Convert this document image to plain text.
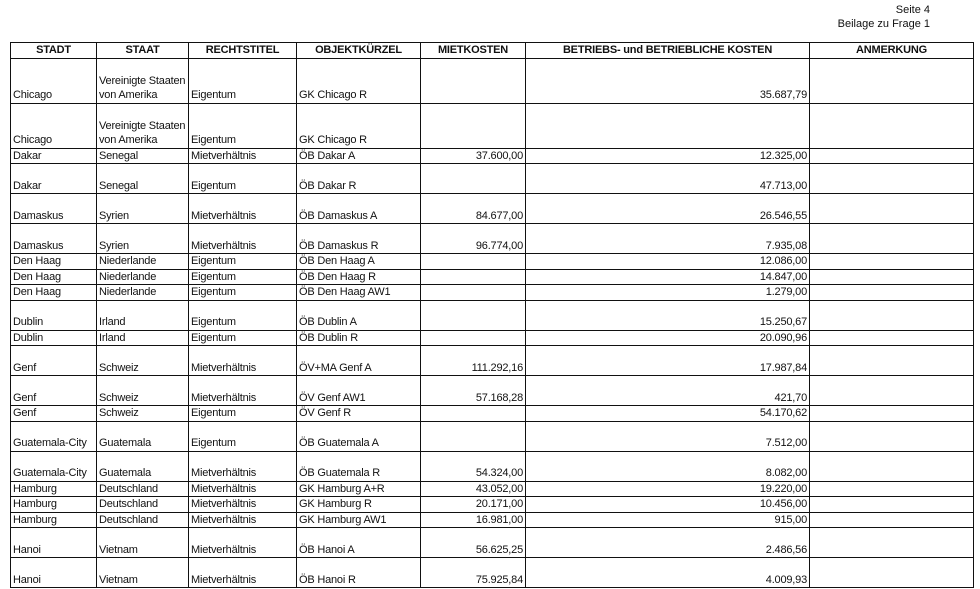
Seite 4
Beilage zu Frage 1
STADT	STAAT	RECHTSTITEL	OBJEKTKÜRZEL	MIETKOSTEN	BETRIEBS- und BETRIEBLICHE KOSTEN	ANMERKUNG
Chicago	Vereinigte Staaten von Amerika	Eigentum	GK Chicago R		35.687,79	
Chicago	Vereinigte Staaten von Amerika	Eigentum	GK Chicago R			
Dakar	Senegal	Mietverhältnis	ÖB Dakar A	37.600,00	12.325,00	
Dakar	Senegal	Eigentum	ÖB Dakar R		47.713,00	
Damaskus	Syrien	Mietverhältnis	ÖB Damaskus A	84.677,00	26.546,55	
Damaskus	Syrien	Mietverhältnis	ÖB Damaskus R	96.774,00	7.935,08	
Den Haag	Niederlande	Eigentum	ÖB Den Haag A		12.086,00	
Den Haag	Niederlande	Eigentum	ÖB Den Haag R		14.847,00	
Den Haag	Niederlande	Eigentum	ÖB Den Haag AW1		1.279,00	
Dublin	Irland	Eigentum	ÖB Dublin A		15.250,67	
Dublin	Irland	Eigentum	ÖB Dublin R		20.090,96	
Genf	Schweiz	Mietverhältnis	ÖV+MA Genf A	111.292,16	17.987,84	
Genf	Schweiz	Mietverhältnis	ÖV Genf AW1	57.168,28	421,70	
Genf	Schweiz	Eigentum	ÖV Genf R		54.170,62	
Guatemala-City	Guatemala	Eigentum	ÖB Guatemala A		7.512,00	
Guatemala-City	Guatemala	Mietverhältnis	ÖB Guatemala R	54.324,00	8.082,00	
Hamburg	Deutschland	Mietverhältnis	GK Hamburg A+R	43.052,00	19.220,00	
Hamburg	Deutschland	Mietverhältnis	GK Hamburg R	20.171,00	10.456,00	
Hamburg	Deutschland	Mietverhältnis	GK Hamburg AW1	16.981,00	915,00	
Hanoi	Vietnam	Mietverhältnis	ÖB Hanoi A	56.625,25	2.486,56	
Hanoi	Vietnam	Mietverhältnis	ÖB Hanoi R	75.925,84	4.009,93	
